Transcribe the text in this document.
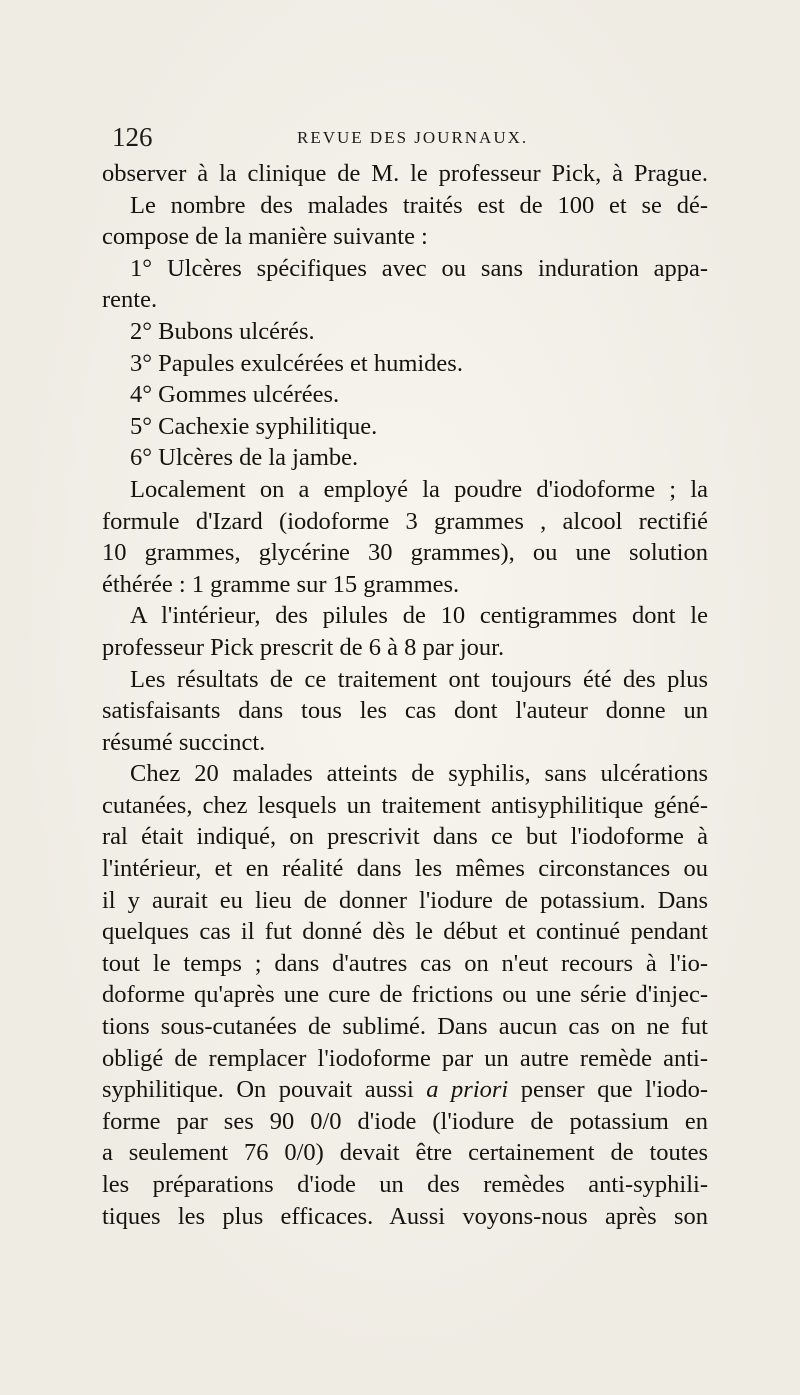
126	REVUE DES JOURNAUX.
observer à la clinique de M. le professeur Pick, à Prague.
Le nombre des malades traités est de 100 et se dé-
compose de la manière suivante :
1° Ulcères spécifiques avec ou sans induration appa-
rente.
2° Bubons ulcérés.
3° Papules exulcérées et humides.
4° Gommes ulcérées.
5° Cachexie syphilitique.
6° Ulcères de la jambe.
Localement on a employé la poudre d'iodoforme ; la
formule d'Izard (iodoforme 3 grammes , alcool rectifié
10 grammes, glycérine 30 grammes), ou une solution
éthérée : 1 gramme sur 15 grammes.
A l'intérieur, des pilules de 10 centigrammes dont le
professeur Pick prescrit de 6 à 8 par jour.
Les résultats de ce traitement ont toujours été des plus
satisfaisants dans tous les cas dont l'auteur donne un
résumé succinct.
Chez 20 malades atteints de syphilis, sans ulcérations
cutanées, chez lesquels un traitement antisyphilitique géné-
ral était indiqué, on prescrivit dans ce but l'iodoforme à
l'intérieur, et en réalité dans les mêmes circonstances ou
il y aurait eu lieu de donner l'iodure de potassium. Dans
quelques cas il fut donné dès le début et continué pendant
tout le temps ; dans d'autres cas on n'eut recours à l'io-
doforme qu'après une cure de frictions ou une série d'injec-
tions sous-cutanées de sublimé. Dans aucun cas on ne fut
obligé de remplacer l'iodoforme par un autre remède anti-
syphilitique. On pouvait aussi a priori penser que l'iodo-
forme par ses 90 0/0 d'iode (l'iodure de potassium en
a seulement 76 0/0) devait être certainement de toutes
les préparations d'iode un des remèdes anti-syphili-
tiques les plus efficaces. Aussi voyons-nous après son
